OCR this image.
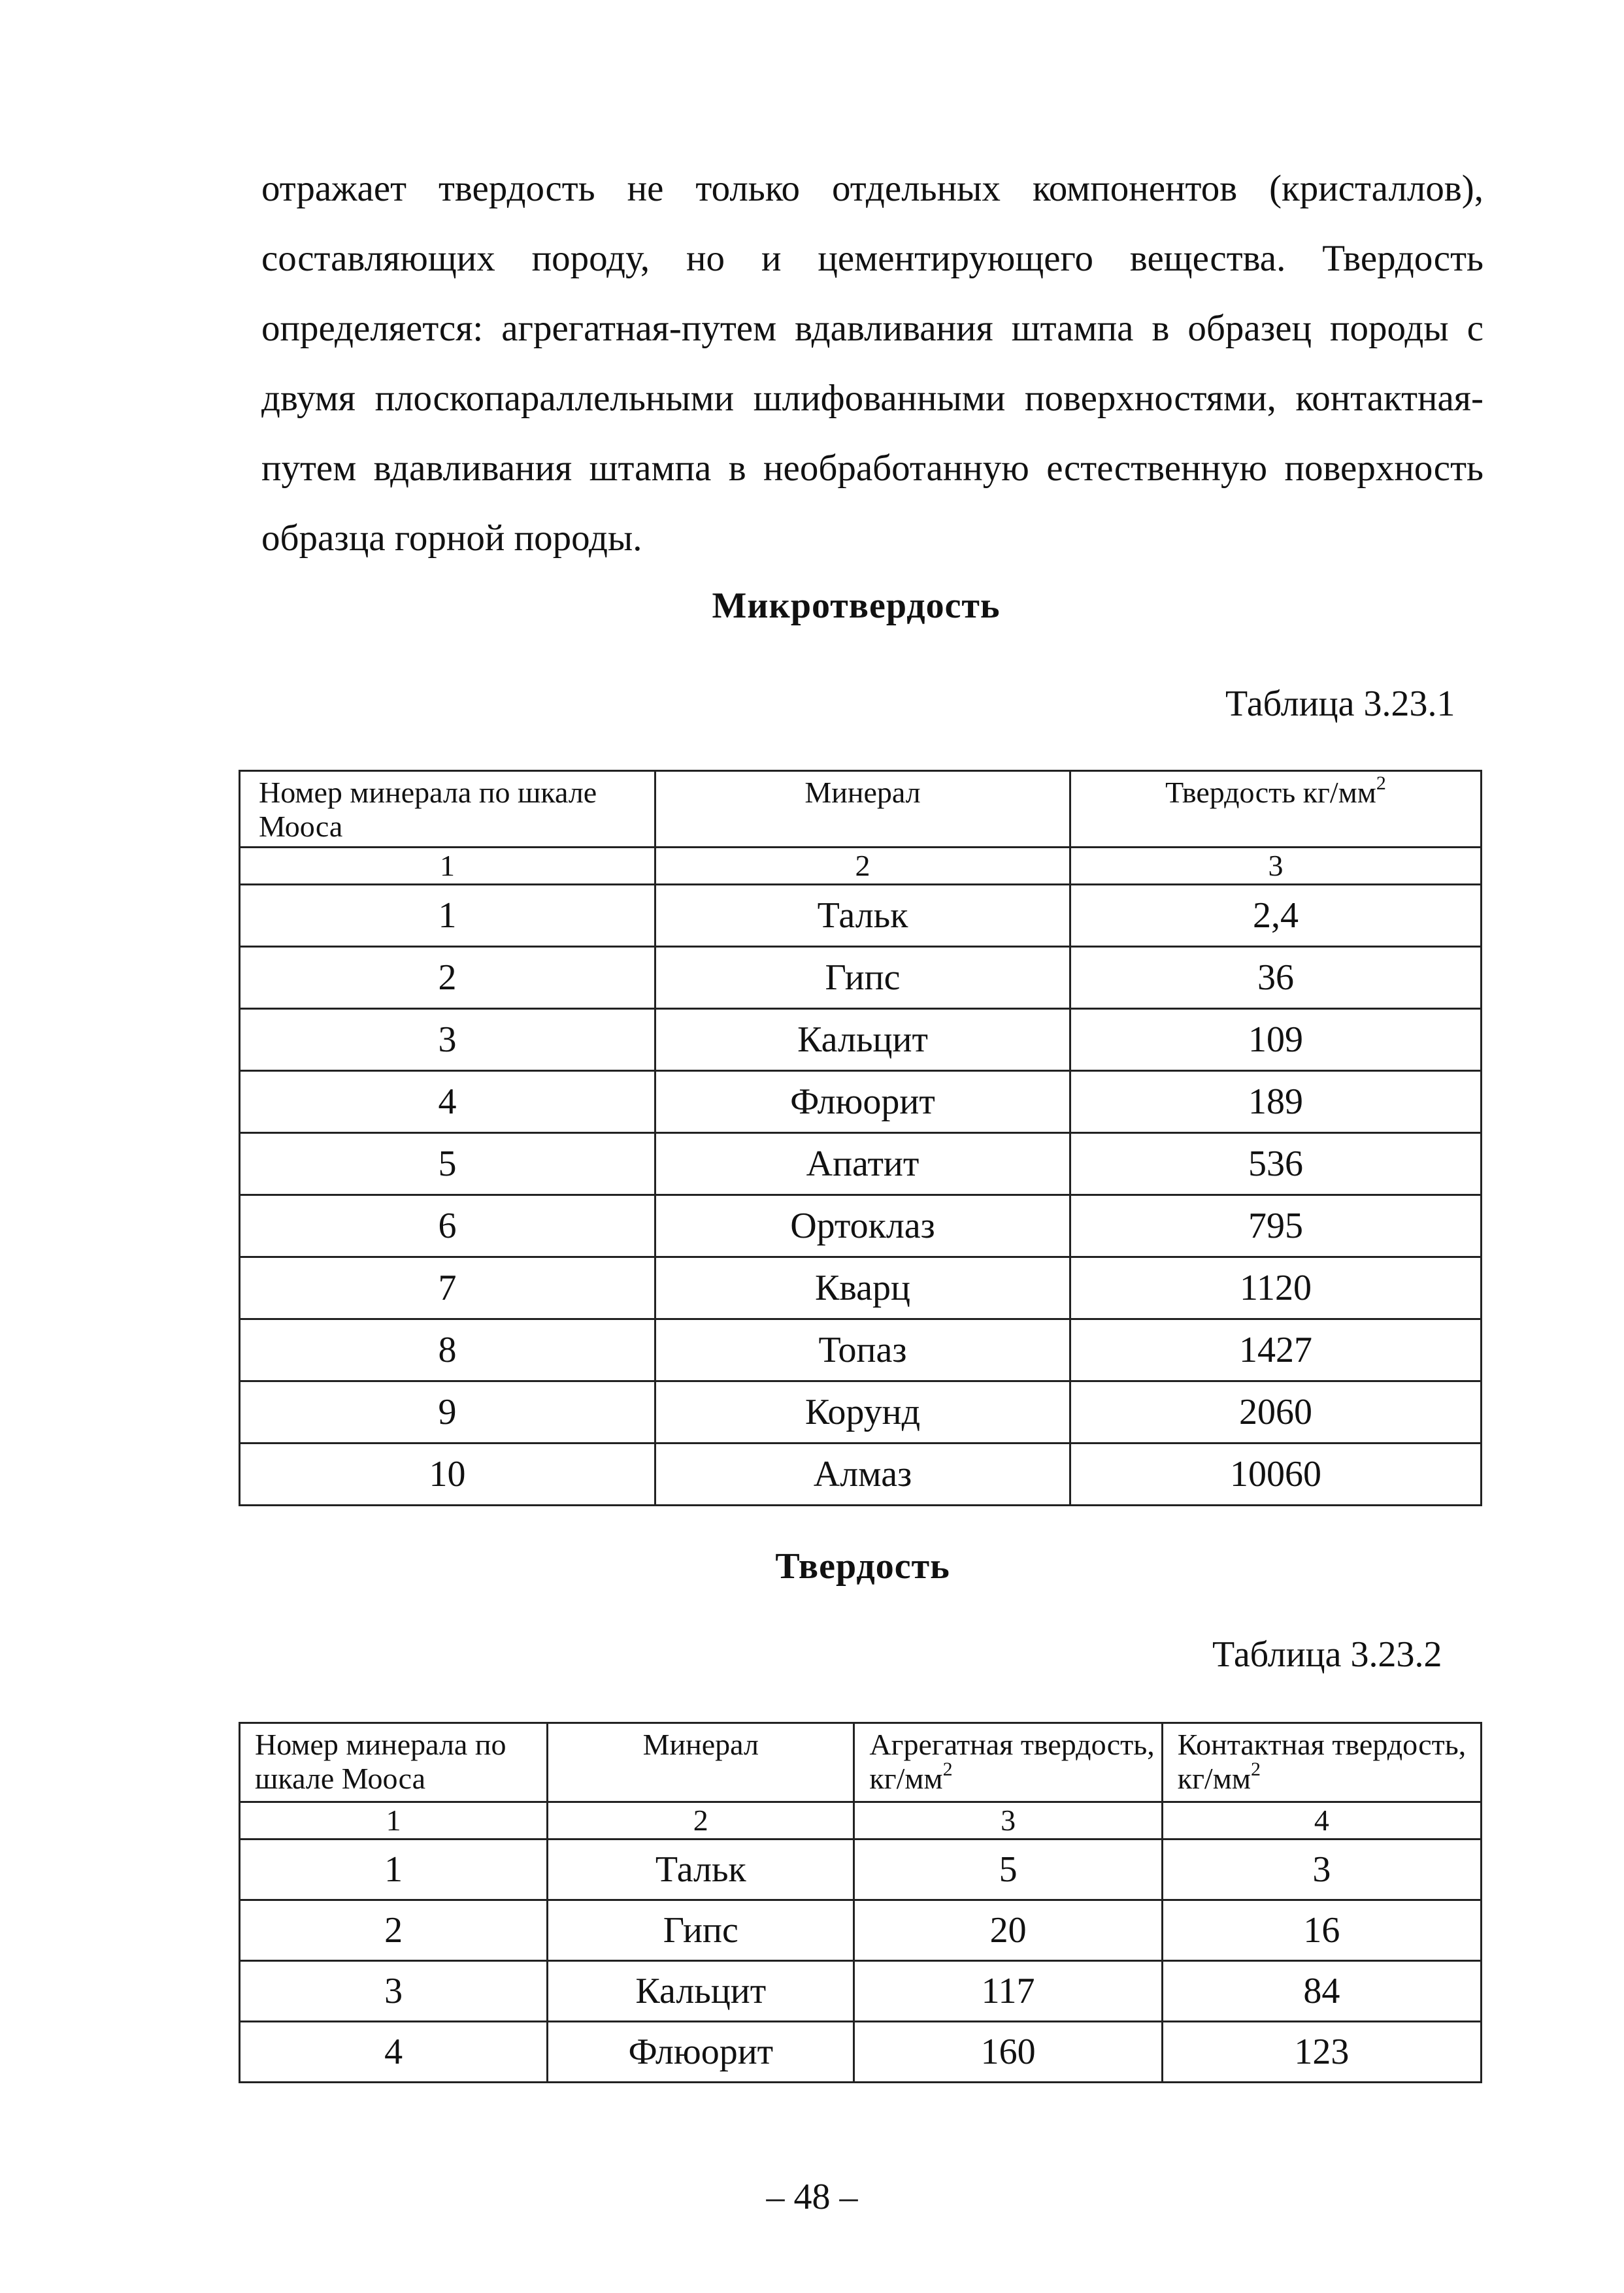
отражает твердость не только отдельных компонентов (кристаллов), составляющих породу, но и цементирующего вещества. Твердость определяется: агрегатная-путем вдавливания штампа в образец породы с двумя плоскопараллельными шлифованными поверхностями, контактная-путем вдавливания штампа в необработанную естественную поверхность образца горной породы.

Микротвердость

Таблица 3.23.1

Номер минерала по шкале Мооса	Минерал	Твердость $кг/мм^2$
1	2	3
1	Тальк	2,4
2	Гипс	36
3	Кальцит	109
4	Флюорит	189
5	Апатит	536
6	Ортоклаз	795
7	Кварц	1120
8	Топаз	1427
9	Корунд	2060
10	Алмаз	10060
Твердость

Таблица 3.23.2

Номер минерала по шкале Мооса	Минерал	Агрегатная твердость, $кг/мм^2$	Контактная твердость, $кг/мм^2$
1	2	3	4
1	Тальк	5	3
2	Гипс	20	16
3	Кальцит	117	84
4	Флюорит	160	123

– 48 –
